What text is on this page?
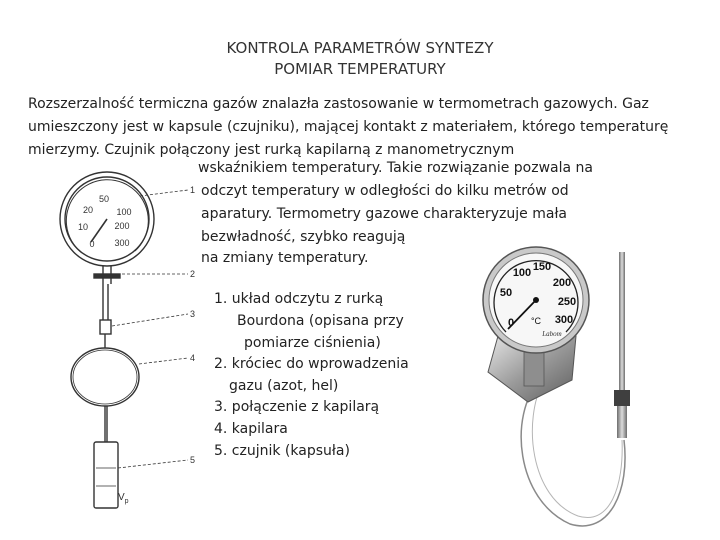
KONTROLA PARAMETRÓW SYNTEZY
POMIAR TEMPERATURY
Rozszerzalność termiczna gazów znalazła zastosowanie w termometrach gazowych. Gaz
umieszczony jest w kapsule (czujniku), mającej kontakt z materiałem, którego temperaturę
mierzymy. Czujnik połączony jest rurką kapilarną z manometrycznym
wskaźnikiem temperatury. Takie rozwiązanie pozwala na
odczyt temperatury w odległości do kilku metrów od
aparatury. Termometry gazowe charakteryzuje mała
bezwładność, szybko reagują
na zmiany temperatury.
1. układ odczytu z rurką
Bourdona (opisana przy
pomiarze ciśnienia)
2. króciec do wprowadzenia
gazu (azot, hel)
3. połączenie z kapilarą
4. kapilara
5. czujnik (kapsuła)
20
50
100
200
10
300
0
1
2
3
4
5
$V_p$
100 150
200
50
250
0	300
°C
Labom
